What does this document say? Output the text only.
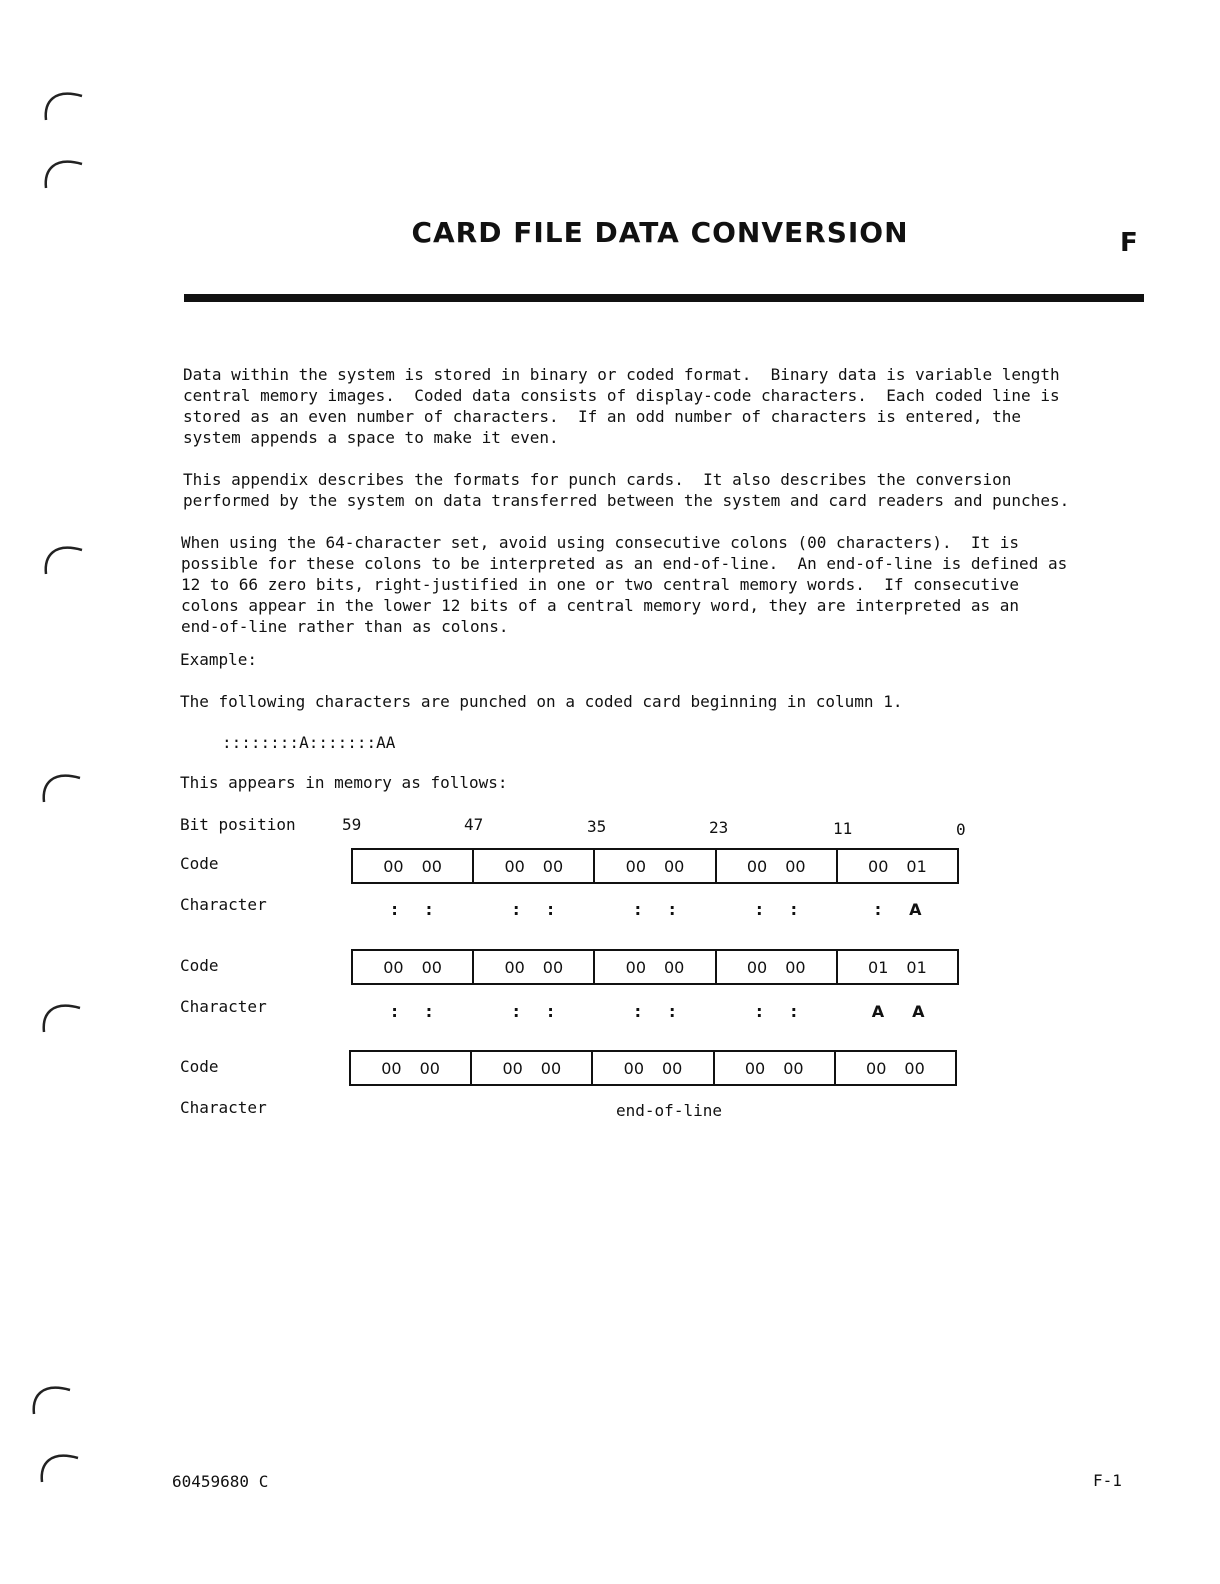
CARD FILE DATA CONVERSION	F

Data within the system is stored in binary or coded format.  Binary data is variable length
central memory images.  Coded data consists of display-code characters.  Each coded line is
stored as an even number of characters.  If an odd number of characters is entered, the
system appends a space to make it even.

This appendix describes the formats for punch cards.  It also describes the conversion
performed by the system on data transferred between the system and card readers and punches.

When using the 64-character set, avoid using consecutive colons (00 characters).  It is
possible for these colons to be interpreted as an end-of-line.  An end-of-line is defined as
12 to 66 zero bits, right-justified in one or two central memory words.  If consecutive
colons appear in the lower 12 bits of a central memory word, they are interpreted as an
end-of-line rather than as colons.

Example:
The following characters are punched on a coded card beginning in column 1.
::::::::A:::::::AA
This appears in memory as follows:
Bit position	59	47	35	23	11	0
Code	00 00	00 00	00 00	00 00	00 01
Character	: :	: :	: :	: :	: A
Code	00 00	00 00	00 00	00 00	01 01
Character	: :	: :	: :	: :	A A
Code	00 00	00 00	00 00	00 00	00 00
Character	end-of-line
60459680 C	F-1
